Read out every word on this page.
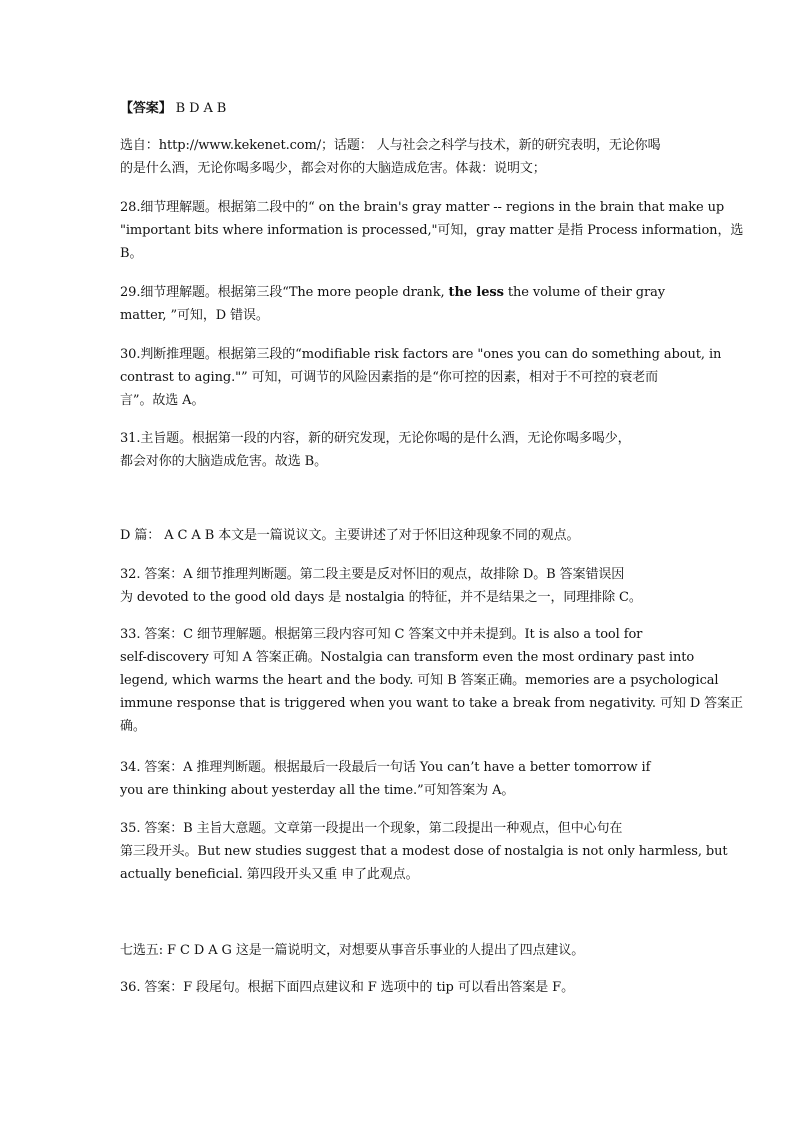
【答案】 B D A B
选自：http://www.kekenet.com/；话题： 人与社会之科学与技术，新的研究表明，无论你喝
的是什么酒，无论你喝多喝少，都会对你的大脑造成危害。体裁：说明文；
28.细节理解题。根据第二段中的“ on the brain's gray matter -- regions in the brain that make up
"important bits where information is processed,"可知，gray matter 是指 Process information，选
B。
29.细节理解题。根据第三段“The more people drank, the less the volume of their gray
matter, ”可知，D 错误。
30.判断推理题。根据第三段的“modifiable risk factors are "ones you can do something about, in
contrast to aging."” 可知，可调节的风险因素指的是“你可控的因素，相对于不可控的衰老而
言”。故选 A。
31.主旨题。根据第一段的内容，新的研究发现，无论你喝的是什么酒，无论你喝多喝少，
都会对你的大脑造成危害。故选 B。
D 篇： A C A B 本文是一篇说议文。主要讲述了对于怀旧这种现象不同的观点。
32. 答案：A 细节推理判断题。第二段主要是反对怀旧的观点，故排除 D。B 答案错误因
为 devoted to the good old days 是 nostalgia 的特征，并不是结果之一，同理排除 C。
33. 答案：C 细节理解题。根据第三段内容可知 C 答案文中并未提到。It is also a tool for
self-discovery 可知 A 答案正确。Nostalgia can transform even the most ordinary past into
legend, which warms the heart and the body. 可知 B 答案正确。memories are a psychological
immune response that is triggered when you want to take a break from negativity. 可知 D 答案正
确。
34. 答案：A 推理判断题。根据最后一段最后一句话 You can’t have a better tomorrow if
you are thinking about yesterday all the time.”可知答案为 A。
35. 答案：B 主旨大意题。文章第一段提出一个现象，第二段提出一种观点，但中心句在
第三段开头。But new studies suggest that a modest dose of nostalgia is not only harmless, but
actually beneficial. 第四段开头又重 申了此观点。
七选五: F C D A G 这是一篇说明文，对想要从事音乐事业的人提出了四点建议。
36. 答案：F 段尾句。根据下面四点建议和 F 选项中的 tip 可以看出答案是 F。
